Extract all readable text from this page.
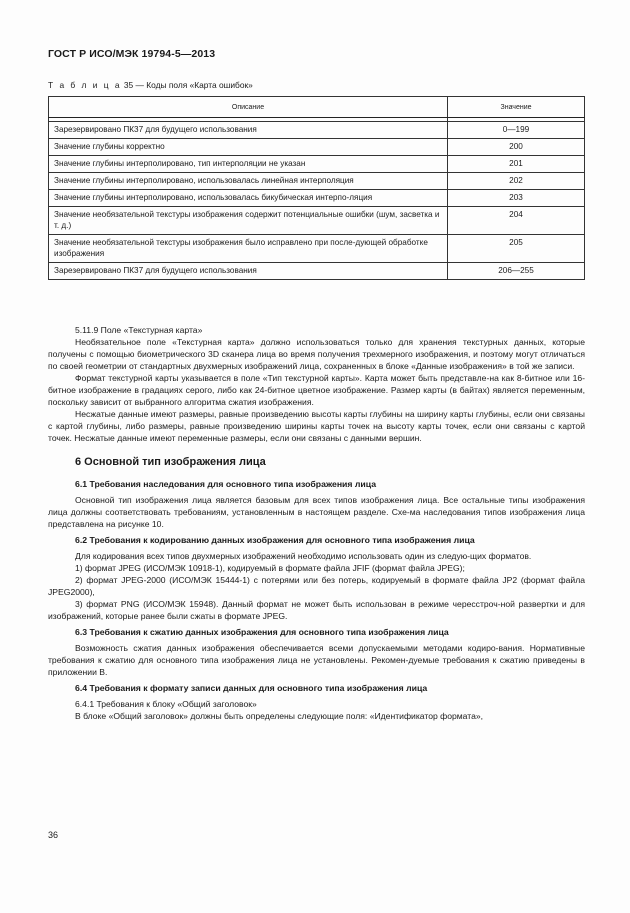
ГОСТ Р ИСО/МЭК 19794-5—2013
Т а б л и ц а 35 — Коды поля «Карта ошибок»
Описание	Значение

Зарезервировано ПК37 для будущего использования	0—199
Значение глубины корректно	200
Значение глубины интерполировано, тип интерполяции не указан	201
Значение глубины интерполировано, использовалась линейная интерполяция	202
Значение глубины интерполировано, использовалась бикубическая интерпо-ляция	203
Значение необязательной текстуры изображения содержит потенциальные ошибки (шум, засветка и т. д.)	204
Значение необязательной текстуры изображения было исправлено при после-дующей обработке изображения	205
Зарезервировано ПК37 для будущего использования	206—255

5.11.9 Поле «Текстурная карта»

Необязательное поле «Текстурная карта» должно использоваться только для хранения текстурных данных, которые получены с помощью биометрического 3D сканера лица во время получения трехмерного изображения, и поэтому могут отличаться по своей геометрии от стандартных двухмерных изображений лица, сохраненных в блоке «Данные изображения» в той же записи.

Формат текстурной карты указывается в поле «Тип текстурной карты». Карта может быть представле-на как 8-битное или 16-битное изображение в градациях серого, либо как 24-битное цветное изображение. Размер карты (в байтах) является переменным, поскольку зависит от выбранного алгоритма сжатия изображения.

Несжатые данные имеют размеры, равные произведению высоты карты глубины на ширину карты глубины, если они связаны с картой глубины, либо размеры, равные произведению ширины карты точек на высоту карты точек, если они связаны с картой точек. Несжатые данные имеют переменные размеры, если они связаны с данными вершин.

6 Основной тип изображения лица

6.1 Требования наследования для основного типа изображения лица

Основной тип изображения лица является базовым для всех типов изображения лица. Все остальные типы изображения лица должны соответствовать требованиям, установленным в настоящем разделе. Схе-ма наследования типов изображения лица представлена на рисунке 10.

6.2 Требования к кодированию данных изображения для основного типа изображения лица

Для кодирования всех типов двухмерных изображений необходимо использовать один из следую-щих форматов.

1) формат JPEG (ИСО/МЭК 10918-1), кодируемый в формате файла JFIF (формат файла JPEG);

2) формат JPEG-2000 (ИСО/МЭК 15444-1) с потерями или без потерь, кодируемый в формате файла JP2 (формат файла JPEG2000),

3) формат PNG (ИСО/МЭК 15948). Данный формат не может быть использован в режиме чересстроч-ной развертки и для изображений, которые ранее были сжаты в формате JPEG.

6.3 Требования к сжатию данных изображения для основного типа изображения лица

Возможность сжатия данных изображения обеспечивается всеми допускаемыми методами кодиро-вания. Нормативные требования к сжатию для основного типа изображения лица не установлены. Рекомен-дуемые требования к сжатию приведены в приложении В.

6.4 Требования к формату записи данных для основного типа изображения лица

6.4.1 Требования к блоку «Общий заголовок»

В блоке «Общий заголовок» должны быть определены следующие поля: «Идентификатор формата»,

36
